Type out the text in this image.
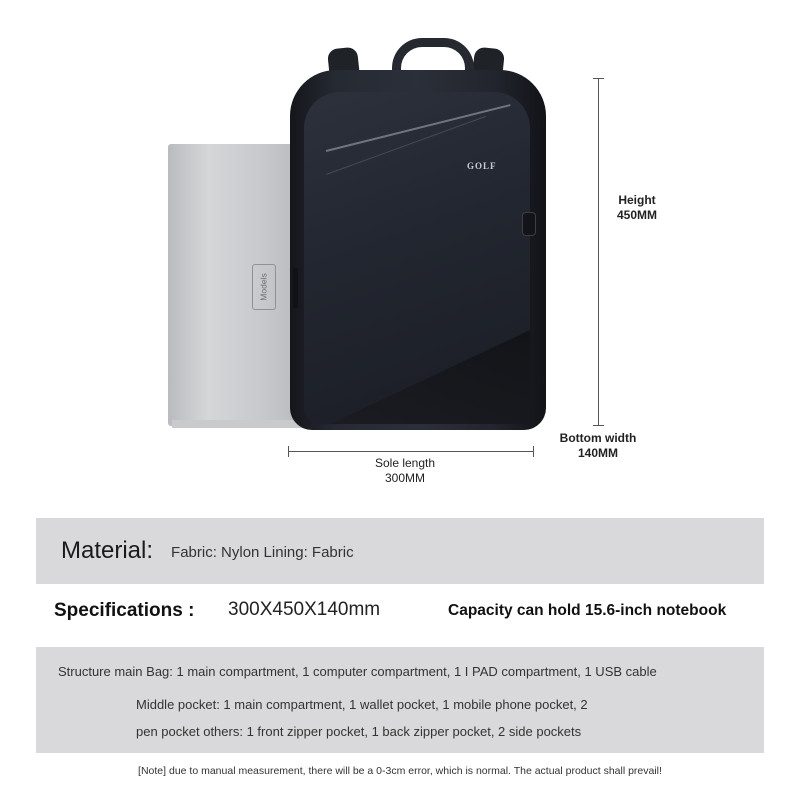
Models
GOLF
Height
450MM
Bottom width
140MM
Sole length
300MM
Material: Fabric: Nylon Lining: Fabric
Specifications : 300X450X140mm	Capacity can hold 15.6-inch notebook
Structure main Bag: 1 main compartment, 1 computer compartment, 1 I PAD compartment, 1 USB cable
Middle pocket: 1 main compartment, 1 wallet pocket, 1 mobile phone pocket, 2
pen pocket others: 1 front zipper pocket, 1 back zipper pocket, 2 side pockets
[Note] due to manual measurement, there will be a 0-3cm error, which is normal. The actual product shall prevail!
